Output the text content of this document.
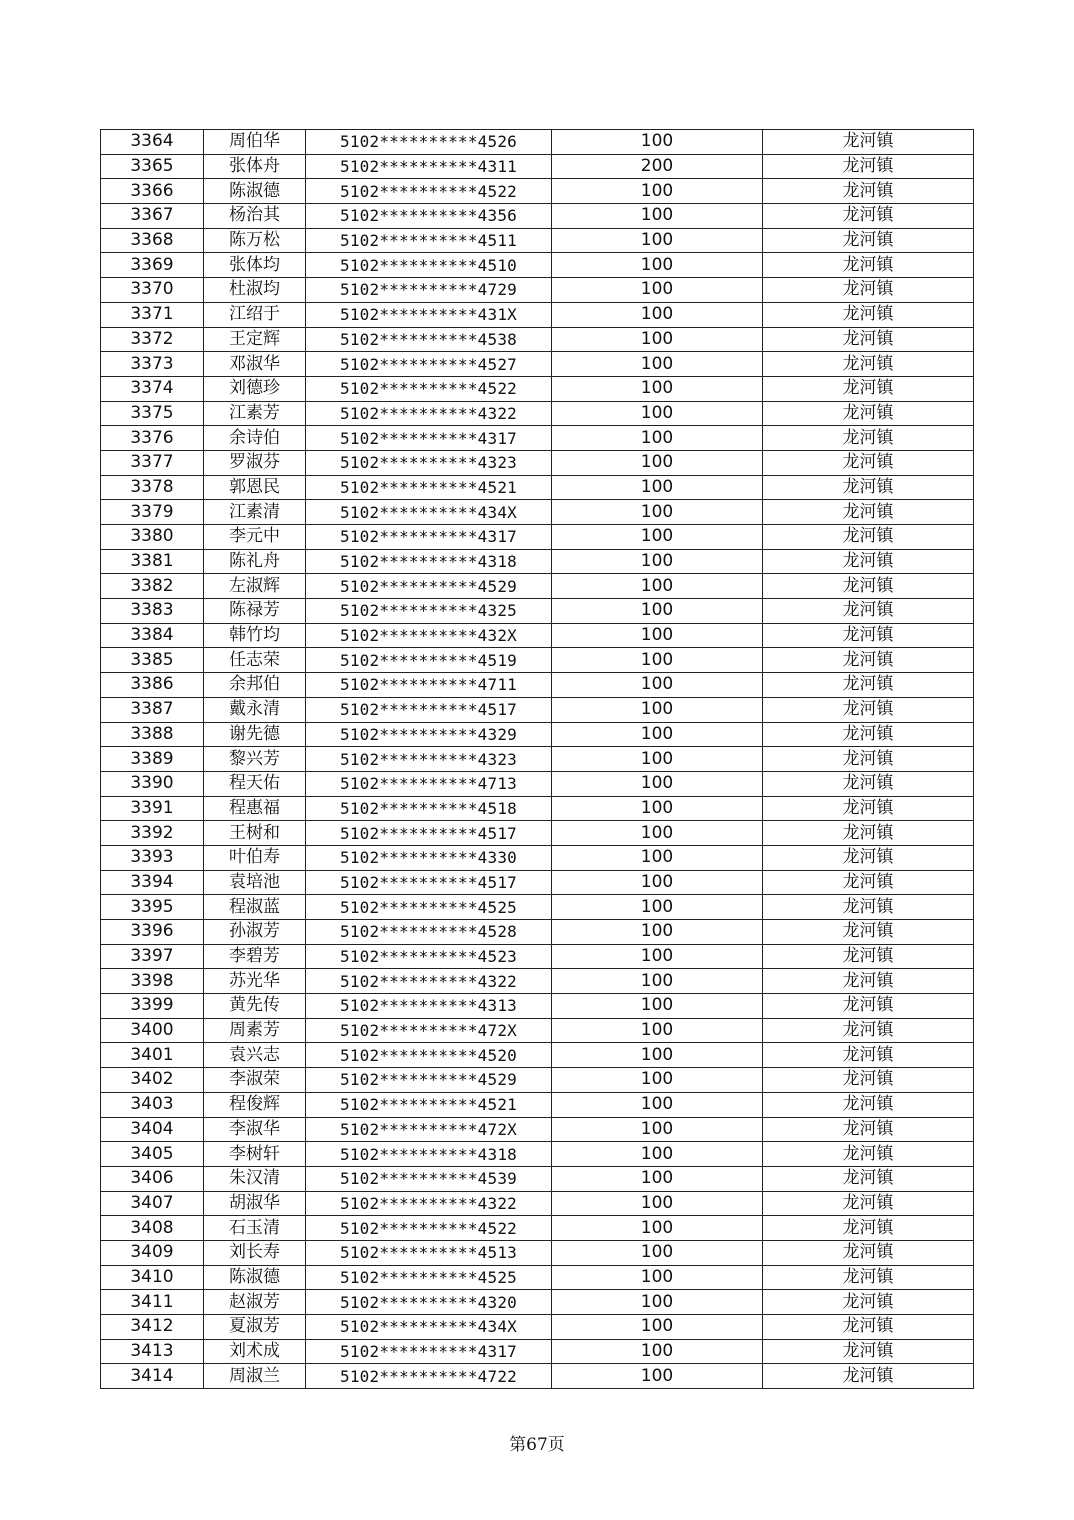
3364	周伯华	5102**********4526	100	龙河镇
3365	张体舟	5102**********4311	200	龙河镇
3366	陈淑德	5102**********4522	100	龙河镇
3367	杨治其	5102**********4356	100	龙河镇
3368	陈万松	5102**********4511	100	龙河镇
3369	张体均	5102**********4510	100	龙河镇
3370	杜淑均	5102**********4729	100	龙河镇
3371	江绍于	5102**********431X	100	龙河镇
3372	王定辉	5102**********4538	100	龙河镇
3373	邓淑华	5102**********4527	100	龙河镇
3374	刘德珍	5102**********4522	100	龙河镇
3375	江素芳	5102**********4322	100	龙河镇
3376	余诗伯	5102**********4317	100	龙河镇
3377	罗淑芬	5102**********4323	100	龙河镇
3378	郭恩民	5102**********4521	100	龙河镇
3379	江素清	5102**********434X	100	龙河镇
3380	李元中	5102**********4317	100	龙河镇
3381	陈礼舟	5102**********4318	100	龙河镇
3382	左淑辉	5102**********4529	100	龙河镇
3383	陈禄芳	5102**********4325	100	龙河镇
3384	韩竹均	5102**********432X	100	龙河镇
3385	任志荣	5102**********4519	100	龙河镇
3386	余邦伯	5102**********4711	100	龙河镇
3387	戴永清	5102**********4517	100	龙河镇
3388	谢先德	5102**********4329	100	龙河镇
3389	黎兴芳	5102**********4323	100	龙河镇
3390	程天佑	5102**********4713	100	龙河镇
3391	程惠福	5102**********4518	100	龙河镇
3392	王树和	5102**********4517	100	龙河镇
3393	叶伯寿	5102**********4330	100	龙河镇
3394	袁培池	5102**********4517	100	龙河镇
3395	程淑蓝	5102**********4525	100	龙河镇
3396	孙淑芳	5102**********4528	100	龙河镇
3397	李碧芳	5102**********4523	100	龙河镇
3398	苏光华	5102**********4322	100	龙河镇
3399	黄先传	5102**********4313	100	龙河镇
3400	周素芳	5102**********472X	100	龙河镇
3401	袁兴志	5102**********4520	100	龙河镇
3402	李淑荣	5102**********4529	100	龙河镇
3403	程俊辉	5102**********4521	100	龙河镇
3404	李淑华	5102**********472X	100	龙河镇
3405	李树轩	5102**********4318	100	龙河镇
3406	朱汉清	5102**********4539	100	龙河镇
3407	胡淑华	5102**********4322	100	龙河镇
3408	石玉清	5102**********4522	100	龙河镇
3409	刘长寿	5102**********4513	100	龙河镇
3410	陈淑德	5102**********4525	100	龙河镇
3411	赵淑芳	5102**********4320	100	龙河镇
3412	夏淑芳	5102**********434X	100	龙河镇
3413	刘术成	5102**********4317	100	龙河镇
3414	周淑兰	5102**********4722	100	龙河镇
第67页
